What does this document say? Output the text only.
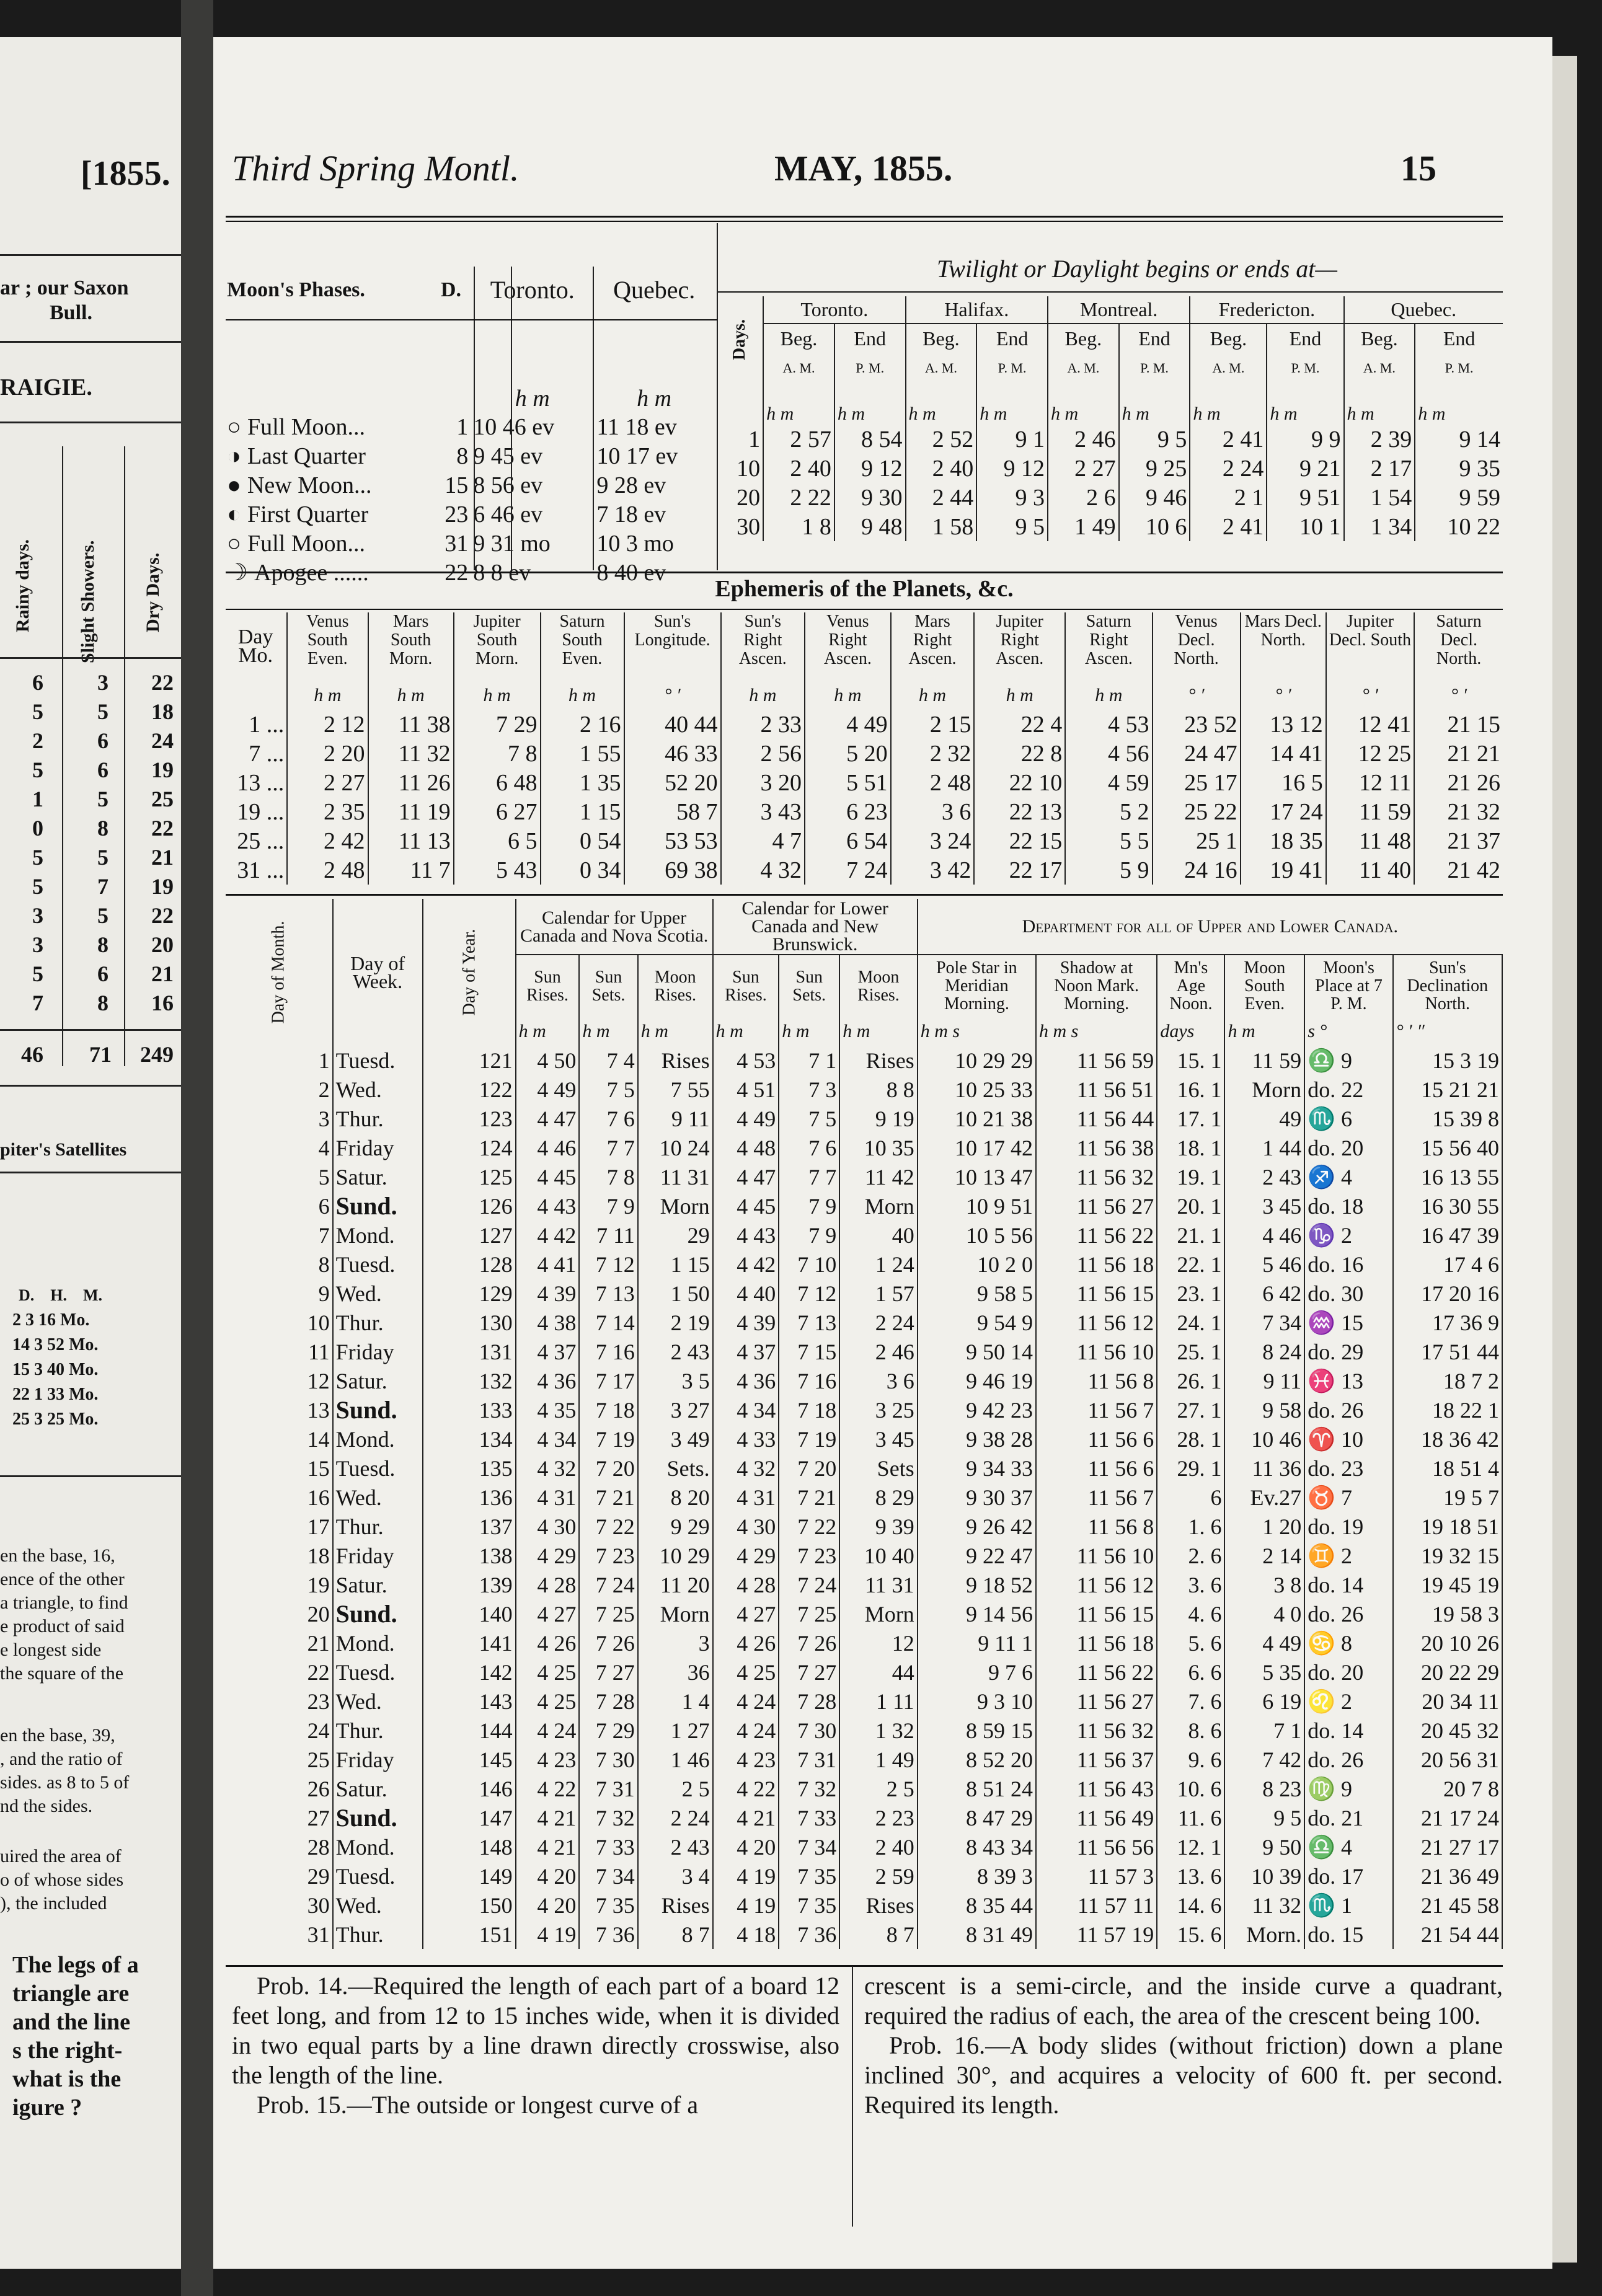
[1855.
ar ; our Saxon
Bull.
RAIGIE.
Rainy days. Slight Showers. Dry Days.
6	3	22
5	5	18
2	6	24
5	6	19
1	5	25
0	8	22
5	5	21
5	7	19
3	5	22
3	8	20
5	6	21
7	8	16
46	71	249
piter's Satellites
D. H. M.
2 3 16 Mo.
14 3 52 Mo.
15 3 40 Mo.
22 1 33 Mo.
25 3 25 Mo.
en the base, 16,
ence of the other
a triangle, to find
e product of said
e longest side
the square of the
en the base, 39,
, and the ratio of
sides. as 8 to 5 of
nd the sides.
uired the area of
o of whose sides
), the included
The legs of a
triangle are
and the line
s the right-
what is the
igure ?
Third Spring Montl.	MAY, 1855.	15
Moon's Phases.	D.	Toronto.	Quebec.
		h m	h m
○ Full Moon...	1	10 46 ev	11 18 ev
◑ Last Quarter	8	9 45 ev	10 17 ev
● New Moon...	15	8 56 ev	9 28 ev
◐ First Quarter	23	6 46 ev	7 18 ev
○ Full Moon...	31	9 31 mo	10 3 mo
☽ Apogee ......	22	8 8 ev	8 40 ev
Twilight or Daylight begins or ends at—
Days.	Toronto.		Halifax.		Montreal.		Fredericton.		Quebec.	
	Beg.	End	Beg.	End	Beg.	End	Beg.	End	Beg.	End
	A. M.	P. M.	A. M.	P. M.	A. M.	P. M.	A. M.	P. M.	A. M.	P. M.
	h m	h m	h m	h m	h m	h m	h m	h m	h m	h m
1	2 57	8 54	2 52	9 1	2 46	9 5	2 41	9 9	2 39	9 14
10	2 40	9 12	2 40	9 12	2 27	9 25	2 24	9 21	2 17	9 35
20	2 22	9 30	2 44	9 3	2 6	9 46	2 1	9 51	1 54	9 59
30	1 8	9 48	1 58	9 5	1 49	10 6	2 41	10 1	1 34	10 22
Ephemeris of the Planets, &c.
Day Mo.	Venus South Even.	Mars South Morn.	Jupiter South Morn.	Saturn South Even.	Sun's Longitude.	Sun's Right Ascen.	Venus Right Ascen.	Mars Right Ascen.	Jupiter Right Ascen.	Saturn Right Ascen.	Venus Decl. North.	Mars Decl. North.	Jupiter Decl. South	Saturn Decl. North.
	h m	h m	h m	h m	° ′	h m	h m	h m	h m	h m	° ′	° ′	° ′	° ′
1 ...	2 12	11 38	7 29	2 16	40 44	2 33	4 49	2 15	22 4	4 53	23 52	13 12	12 41	21 15
7 ...	2 20	11 32	7 8	1 55	46 33	2 56	5 20	2 32	22 8	4 56	24 47	14 41	12 25	21 21
13 ...	2 27	11 26	6 48	1 35	52 20	3 20	5 51	2 48	22 10	4 59	25 17	16 5	12 11	21 26
19 ...	2 35	11 19	6 27	1 15	58 7	3 43	6 23	3 6	22 13	5 2	25 22	17 24	11 59	21 32
25 ...	2 42	11 13	6 5	0 54	53 53	4 7	6 54	3 24	22 15	5 5	25 1	18 35	11 48	21 37
31 ...	2 48	11 7	5 43	0 34	69 38	4 32	7 24	3 42	22 17	5 9	24 16	19 41	11 40	21 42
Day of Month.	Day of Week.	Day of Year.	Calendar for Upper Canada and Nova Scotia.			Calendar for Lower Canada and New Brunswick.			Department for all of Upper and Lower Canada.					
			Sun Rises.	Sun Sets.	Moon Rises.	Sun Rises.	Sun Sets.	Moon Rises.	Pole Star in Meridian Morning.	Shadow at Noon Mark. Morning.	Mn's Age Noon.	Moon South Even.	Moon's Place at 7 P. M.	Sun's Declination North.
			h m	h m	h m	h m	h m	h m	h m s	h m s	days	h m	s °	° ′ ″
1	Tuesd.	121	4 50	7 4	Rises	4 53	7 1	Rises	10 29 29	11 56 59	15. 1	11 59	♎ 9	15 3 19
2	Wed.	122	4 49	7 5	7 55	4 51	7 3	8 8	10 25 33	11 56 51	16. 1	Morn	do. 22	15 21 21
3	Thur.	123	4 47	7 6	9 11	4 49	7 5	9 19	10 21 38	11 56 44	17. 1	49	♏ 6	15 39 8
4	Friday	124	4 46	7 7	10 24	4 48	7 6	10 35	10 17 42	11 56 38	18. 1	1 44	do. 20	15 56 40
5	Satur.	125	4 45	7 8	11 31	4 47	7 7	11 42	10 13 47	11 56 32	19. 1	2 43	♐ 4	16 13 55
6	Sund.	126	4 43	7 9	Morn	4 45	7 9	Morn	10 9 51	11 56 27	20. 1	3 45	do. 18	16 30 55
7	Mond.	127	4 42	7 11	29	4 43	7 9	40	10 5 56	11 56 22	21. 1	4 46	♑ 2	16 47 39
8	Tuesd.	128	4 41	7 12	1 15	4 42	7 10	1 24	10 2 0	11 56 18	22. 1	5 46	do. 16	17 4 6
9	Wed.	129	4 39	7 13	1 50	4 40	7 12	1 57	9 58 5	11 56 15	23. 1	6 42	do. 30	17 20 16
10	Thur.	130	4 38	7 14	2 19	4 39	7 13	2 24	9 54 9	11 56 12	24. 1	7 34	♒ 15	17 36 9
11	Friday	131	4 37	7 16	2 43	4 37	7 15	2 46	9 50 14	11 56 10	25. 1	8 24	do. 29	17 51 44
12	Satur.	132	4 36	7 17	3 5	4 36	7 16	3 6	9 46 19	11 56 8	26. 1	9 11	♓ 13	18 7 2
13	Sund.	133	4 35	7 18	3 27	4 34	7 18	3 25	9 42 23	11 56 7	27. 1	9 58	do. 26	18 22 1
14	Mond.	134	4 34	7 19	3 49	4 33	7 19	3 45	9 38 28	11 56 6	28. 1	10 46	♈ 10	18 36 42
15	Tuesd.	135	4 32	7 20	Sets.	4 32	7 20	Sets	9 34 33	11 56 6	29. 1	11 36	do. 23	18 51 4
16	Wed.	136	4 31	7 21	8 20	4 31	7 21	8 29	9 30 37	11 56 7	6	Ev.27	♉ 7	19 5 7
17	Thur.	137	4 30	7 22	9 29	4 30	7 22	9 39	9 26 42	11 56 8	1. 6	1 20	do. 19	19 18 51
18	Friday	138	4 29	7 23	10 29	4 29	7 23	10 40	9 22 47	11 56 10	2. 6	2 14	♊ 2	19 32 15
19	Satur.	139	4 28	7 24	11 20	4 28	7 24	11 31	9 18 52	11 56 12	3. 6	3 8	do. 14	19 45 19
20	Sund.	140	4 27	7 25	Morn	4 27	7 25	Morn	9 14 56	11 56 15	4. 6	4 0	do. 26	19 58 3
21	Mond.	141	4 26	7 26	3	4 26	7 26	12	9 11 1	11 56 18	5. 6	4 49	♋ 8	20 10 26
22	Tuesd.	142	4 25	7 27	36	4 25	7 27	44	9 7 6	11 56 22	6. 6	5 35	do. 20	20 22 29
23	Wed.	143	4 25	7 28	1 4	4 24	7 28	1 11	9 3 10	11 56 27	7. 6	6 19	♌ 2	20 34 11
24	Thur.	144	4 24	7 29	1 27	4 24	7 30	1 32	8 59 15	11 56 32	8. 6	7 1	do. 14	20 45 32
25	Friday	145	4 23	7 30	1 46	4 23	7 31	1 49	8 52 20	11 56 37	9. 6	7 42	do. 26	20 56 31
26	Satur.	146	4 22	7 31	2 5	4 22	7 32	2 5	8 51 24	11 56 43	10. 6	8 23	♍ 9	20 7 8
27	Sund.	147	4 21	7 32	2 24	4 21	7 33	2 23	8 47 29	11 56 49	11. 6	9 5	do. 21	21 17 24
28	Mond.	148	4 21	7 33	2 43	4 20	7 34	2 40	8 43 34	11 56 56	12. 1	9 50	♎ 4	21 27 17
29	Tuesd.	149	4 20	7 34	3 4	4 19	7 35	2 59	8 39 3	11 57 3	13. 6	10 39	do. 17	21 36 49
30	Wed.	150	4 20	7 35	Rises	4 19	7 35	Rises	8 35 44	11 57 11	14. 6	11 32	♏ 1	21 45 58
31	Thur.	151	4 19	7 36	8 7	4 18	7 36	8 7	8 31 49	11 57 19	15. 6	Morn.	do. 15	21 54 44

Prob. 14.—Required the length of each part of a board 12 feet long, and from 12 to 15 inches wide, when it is divided in two equal parts by a line drawn directly crosswise, also the length of the line.

Prob. 15.—The outside or longest curve of a

crescent is a semi-circle, and the inside curve a quadrant, required the radius of each, the area of the crescent being 100.

Prob. 16.—A body slides (without friction) down a plane inclined 30°, and acquires a velocity of 600 ft. per second. Required its length.
